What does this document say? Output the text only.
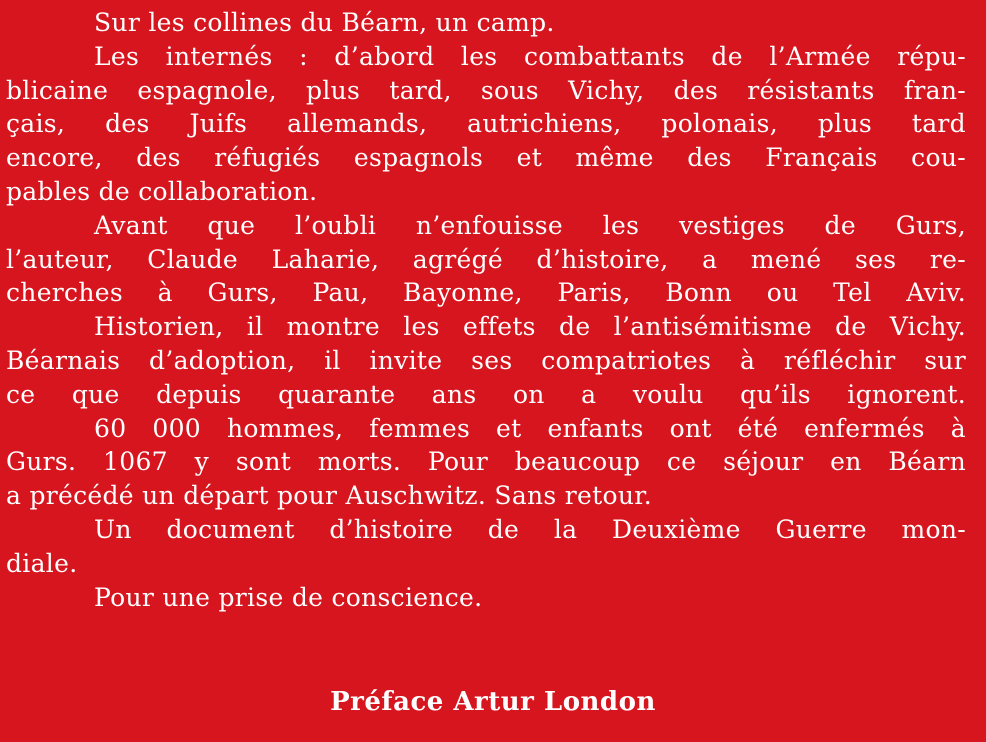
Sur les collines du Béarn, un camp.
Les internés : d’abord les combattants de l’Armée répu-
blicaine espagnole, plus tard, sous Vichy, des résistants fran-
çais, des Juifs allemands, autrichiens, polonais, plus tard
encore, des réfugiés espagnols et même des Français cou-
pables de collaboration.
Avant que l’oubli n’enfouisse les vestiges de Gurs,
l’auteur, Claude Laharie, agrégé d’histoire, a mené ses re-
cherches à Gurs, Pau, Bayonne, Paris, Bonn ou Tel Aviv.
Historien, il montre les effets de l’antisémitisme de Vichy.
Béarnais d’adoption, il invite ses compatriotes à réfléchir sur
ce que depuis quarante ans on a voulu qu’ils ignorent.
60 000 hommes, femmes et enfants ont été enfermés à
Gurs. 1067 y sont morts. Pour beaucoup ce séjour en Béarn
a précédé un départ pour Auschwitz. Sans retour.
Un document d’histoire de la Deuxième Guerre mon-
diale.
Pour une prise de conscience.
Préface Artur London
